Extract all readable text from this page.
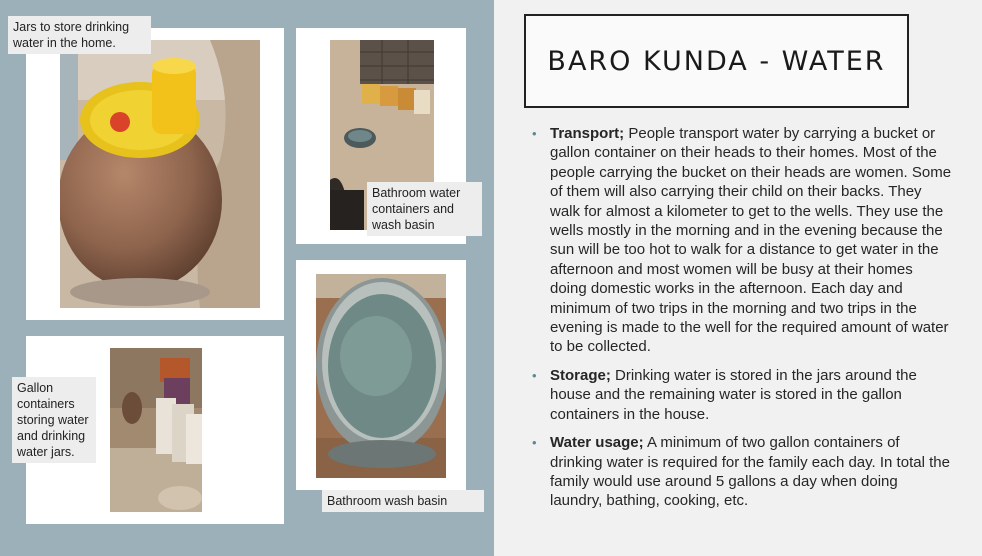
Jars to store drinking water in the home.
Bathroom water containers and wash basin
Gallon containers storing water and drinking water jars.
Bathroom wash basin
BARO KUNDA - WATER
• Transport; People transport water by carrying a bucket or gallon container on their heads to their homes. Most of the people carrying the bucket on their heads are women. Some of them will also carrying their child on their backs. They walk for almost a kilometer to get to the wells. They use the wells mostly in the morning and in the evening because the sun will be too hot to walk for a distance to get water in the afternoon and most women will be busy at their homes doing domestic works in the afternoon. Each day and minimum of two trips in the morning and two trips in the evening is made to the well for the required amount of water to be collected.
• Storage; Drinking water is stored in the jars around the house and the remaining water is stored in the gallon containers in the house.
• Water usage; A minimum of two gallon containers of drinking water is required for the family each day. In total the family would use around 5 gallons a day when doing laundry, bathing, cooking, etc.
